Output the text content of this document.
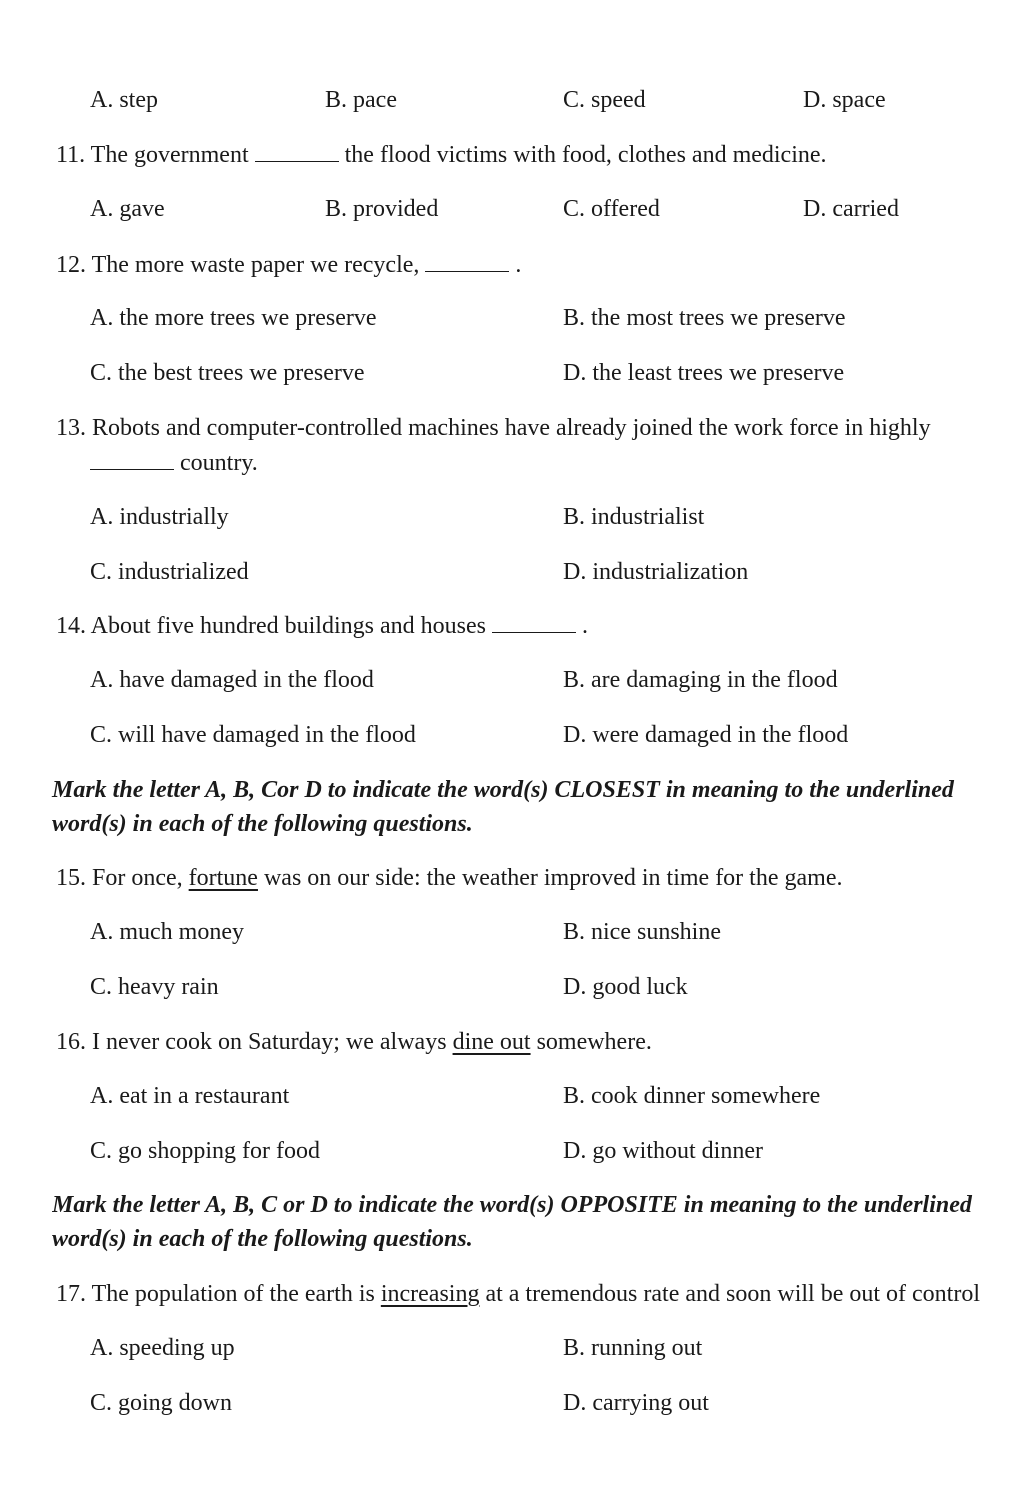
A. step	B. pace	C. speed	D. space
11. The government	the flood victims with food, clothes and medicine.
A. gave	B. provided	C. offered	D. carried
12. The more waste paper we recycle,	.
A. the more trees we preserve	B. the most trees we preserve
C. the best trees we preserve	D. the least trees we preserve
13. Robots and computer-controlled machines have already joined the work force in highly
country.
A. industrially	B. industrialist
C. industrialized	D. industrialization
14. About five hundred buildings and houses	.
A. have damaged in the flood	B. are damaging in the flood
C. will have damaged in the flood	D. were damaged in the flood
Mark the letter A, B, Cor D to indicate the word(s) CLOSEST in meaning to the underlined
word(s) in each of the following questions.
15. For once, fortune was on our side: the weather improved in time for the game.
A. much money	B. nice sunshine
C. heavy rain	D. good luck
16. I never cook on Saturday; we always dine out somewhere.
A. eat in a restaurant	B. cook dinner somewhere
C. go shopping for food	D. go without dinner
Mark the letter A, B, C or D to indicate the word(s) OPPOSITE in meaning to the underlined
word(s) in each of the following questions.
17. The population of the earth is increasing at a tremendous rate and soon will be out of control
A. speeding up	B. running out
C. going down	D. carrying out
